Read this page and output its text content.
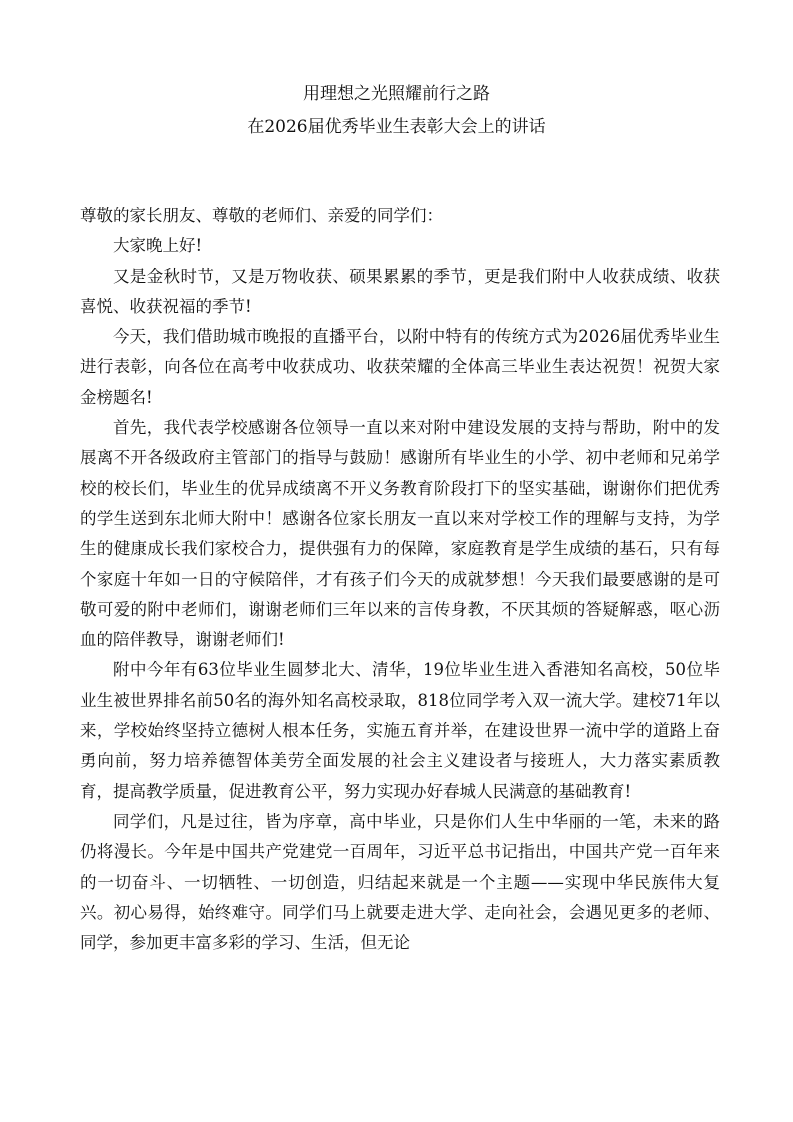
用理想之光照耀前行之路
在2026届优秀毕业生表彰大会上的讲话

尊敬的家长朋友、尊敬的老师们、亲爱的同学们：

大家晚上好!

又是金秋时节，又是万物收获、硕果累累的季节，更是我们附中人收获成绩、收获喜悦、收获祝福的季节!

今天，我们借助城市晚报的直播平台，以附中特有的传统方式为2026届优秀毕业生进行表彰，向各位在高考中收获成功、收获荣耀的全体高三毕业生表达祝贺！祝贺大家金榜题名!

首先，我代表学校感谢各位领导一直以来对附中建设发展的支持与帮助，附中的发展离不开各级政府主管部门的指导与鼓励！感谢所有毕业生的小学、初中老师和兄弟学校的校长们，毕业生的优异成绩离不开义务教育阶段打下的坚实基础，谢谢你们把优秀的学生送到东北师大附中！感谢各位家长朋友一直以来对学校工作的理解与支持，为学生的健康成长我们家校合力，提供强有力的保障，家庭教育是学生成绩的基石，只有每个家庭十年如一日的守候陪伴，才有孩子们今天的成就梦想！今天我们最要感谢的是可敬可爱的附中老师们，谢谢老师们三年以来的言传身教，不厌其烦的答疑解惑，呕心沥血的陪伴教导，谢谢老师们!

附中今年有63位毕业生圆梦北大、清华，19位毕业生进入香港知名高校，50位毕业生被世界排名前50名的海外知名高校录取，818位同学考入双一流大学。建校71年以来，学校始终坚持立德树人根本任务，实施五育并举，在建设世界一流中学的道路上奋勇向前，努力培养德智体美劳全面发展的社会主义建设者与接班人，大力落实素质教育，提高教学质量，促进教育公平，努力实现办好春城人民满意的基础教育!

同学们，凡是过往，皆为序章，高中毕业，只是你们人生中华丽的一笔，未来的路仍将漫长。今年是中国共产党建党一百周年，习近平总书记指出，中国共产党一百年来的一切奋斗、一切牺牲、一切创造，归结起来就是一个主题——实现中华民族伟大复兴。初心易得，始终难守。同学们马上就要走进大学、走向社会，会遇见更多的老师、同学，参加更丰富多彩的学习、生活，但无论
